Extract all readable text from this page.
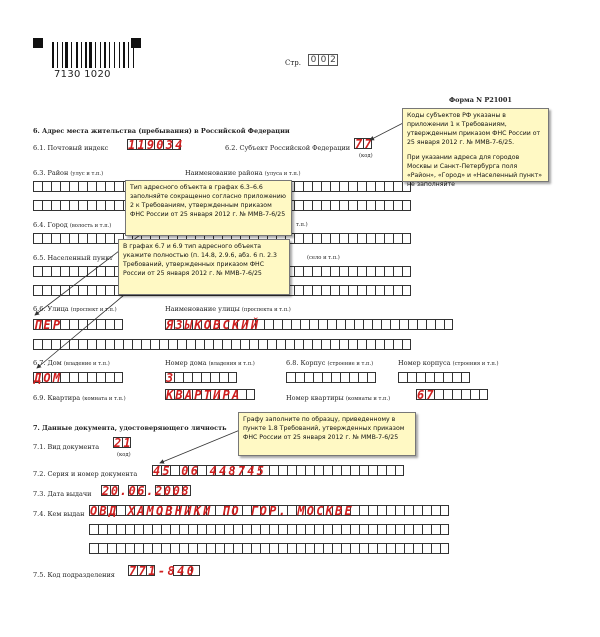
7130 1020
Стр. 0 0 2
Форма N P21001
6. Адрес места жительства (пребывания) в Российской Федерации
6.1. Почтовый индекс 119034	6.2. Субъект Российской Федерации 77
(код)
6.3. Район (улус и т.п.)	Наименование района (улуса и т.п.)
6.4. Город (волость и т.п.)	т.п.)
6.5. Населенный пункт	(село и т.п.)
6.6. Улица (проспект и т.п.)	Наименование улицы (проспекта и т.п.)
ПЕР	ЯЗЫКОВСКИЙ
6.7. Дом (владение и т.п.)	Номер дома (владения и т.п.)	6.8. Корпус (строение и т.п.)	Номер корпуса (строения и т.п.)
ДОМ	3
6.9. Квартира (комната и т.п.)	КВАРТИРА	Номер квартиры (комнаты и т.п.) 67
7. Данные документа, удостоверяющего личность
7.1. Вид документа 21
(код)
7.2. Серия и номер документа 45 06 448745
7.3. Дата выдачи 20.06.2008
7.4. Кем выдан ОВД ХАМОВНИКИ ПО ГОР. МОСКВЕ
7.5. Код подразделения 771-840

Коды субъектов РФ указаны в приложении 1 к Требованиям, утвержденным приказом ФНС России от 25 января 2012 г. № ММВ-7-6/25.

При указании адреса для городов Москвы и Санкт-Петербурга поля «Район», «Город» и «Населенный пункт» не заполняйте

Тип адресного объекта в графах 6.3–6.6 заполняйте сокращенно согласно приложению 2 к Требованиям, утвержденным приказом ФНС России от 25 января 2012 г. № ММВ-7-6/25

В графах 6.7 и 6.9 тип адресного объекта укажите полностью (п. 14.8, 2.9.6, абз. 6 п. 2.3 Требований, утвержденных приказом ФНС России от 25 января 2012 г. № ММВ-7-6/25

Графу заполните по образцу, приведенному в пункте 1.8 Требований, утвержденных приказом ФНС России от 25 января 2012 г. № ММВ-7-6/25
